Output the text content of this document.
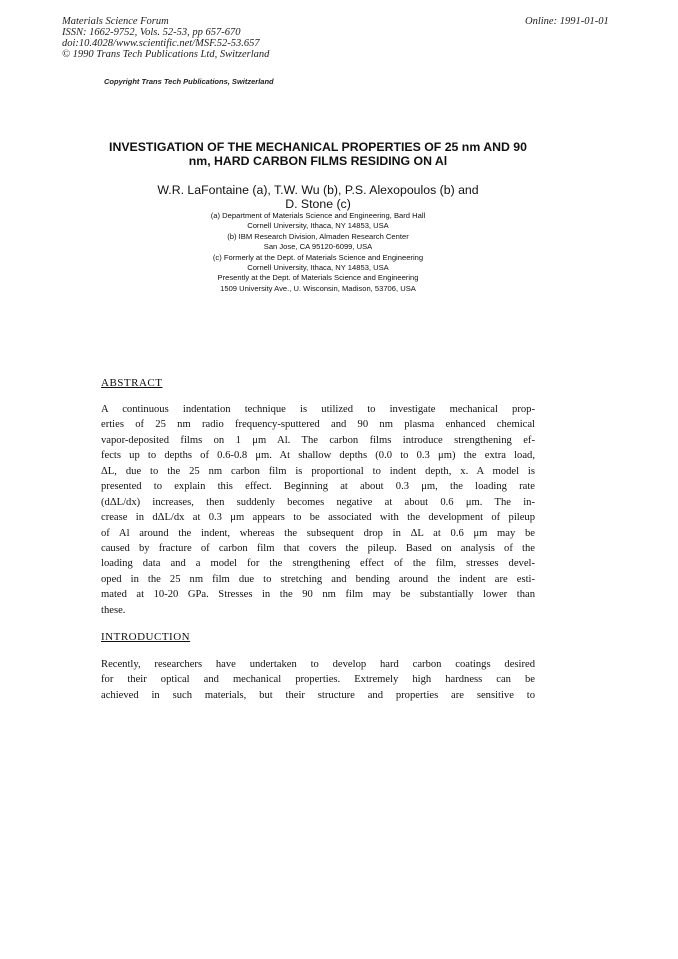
Materials Science Forum
ISSN: 1662-9752, Vols. 52-53, pp 657-670
doi:10.4028/www.scientific.net/MSF.52-53.657
© 1990 Trans Tech Publications Ltd, Switzerland
Copyright Trans Tech Publications, Switzerland
Online: 1991-01-01
INVESTIGATION OF THE MECHANICAL PROPERTIES OF 25 nm AND 90
nm, HARD CARBON FILMS RESIDING ON Al
W.R. LaFontaine (a), T.W. Wu (b), P.S. Alexopoulos (b) and
D. Stone (c)
(a) Department of Materials Science and Engineering, Bard Hall
Cornell University, Ithaca, NY 14853, USA
(b) IBM Research Division, Almaden Research Center
San Jose, CA 95120-6099, USA
(c) Formerly at the Dept. of Materials Science and Engineering
Cornell University, Ithaca, NY 14853, USA
Presently at the Dept. of Materials Science and Engineering
1509 University Ave., U. Wisconsin, Madison, 53706, USA
ABSTRACT
A continuous indentation technique is utilized to investigate mechanical prop-
erties of 25 nm radio frequency-sputtered and 90 nm plasma enhanced chemical
vapor-deposited films on 1 μm Al. The carbon films introduce strengthening ef-
fects up to depths of 0.6-0.8 μm. At shallow depths (0.0 to 0.3 μm) the extra load,
ΔL, due to the 25 nm carbon film is proportional to indent depth, x. A model is
presented to explain this effect. Beginning at about 0.3 μm, the loading rate
(dΔL/dx) increases, then suddenly becomes negative at about 0.6 μm. The in-
crease in dΔL/dx at 0.3 μm appears to be associated with the development of pileup
of Al around the indent, whereas the subsequent drop in ΔL at 0.6 μm may be
caused by fracture of carbon film that covers the pileup. Based on analysis of the
loading data and a model for the strengthening effect of the film, stresses devel-
oped in the 25 nm film due to stretching and bending around the indent are esti-
mated at 10-20 GPa. Stresses in the 90 nm film may be substantially lower than
these.
INTRODUCTION
Recently, researchers have undertaken to develop hard carbon coatings desired
for their optical and mechanical properties. Extremely high hardness can be
achieved in such materials, but their structure and properties are sensitive to
